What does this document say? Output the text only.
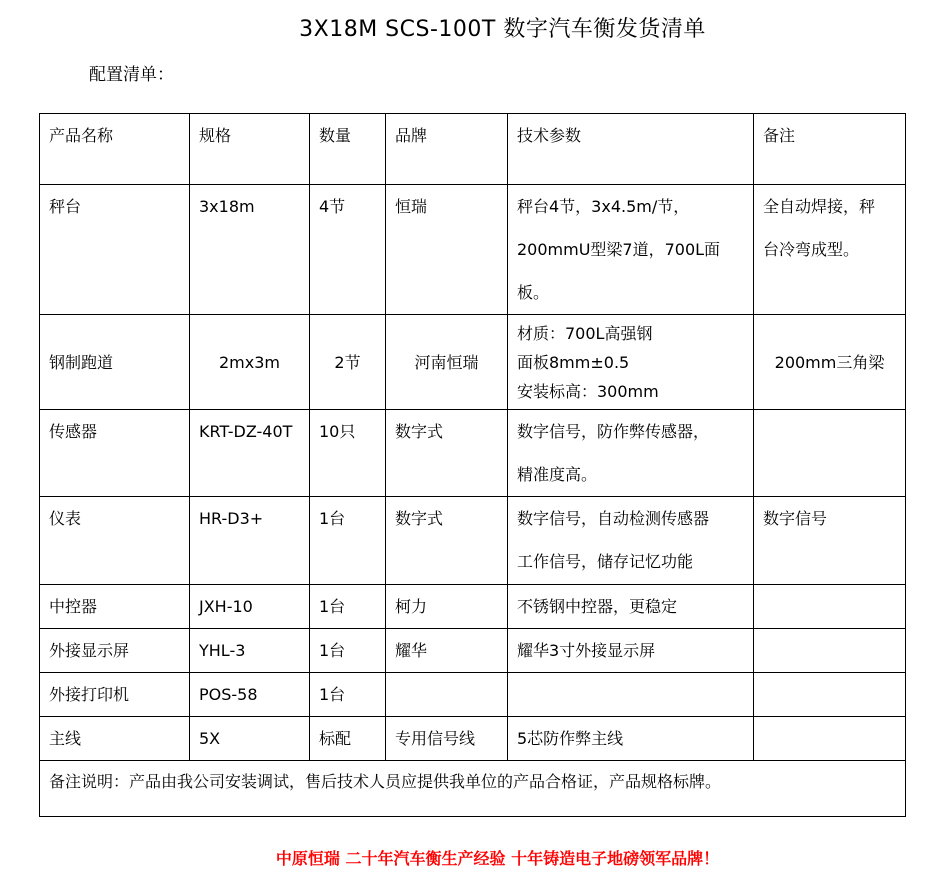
3X18M SCS-100T 数字汽车衡发货清单
配置清单：
产品名称	规格	数量	品牌	技术参数	备注
秤台	3x18m	4节	恒瑞	秤台4节，3x4.5m/节，
200mmU型梁7道，700L面
板。	全自动焊接，秤
台冷弯成型。

钢制跑道	2mx3m	2节	河南恒瑞	材质：700L高强钢
面板8mm±0.5
安装标高：300mm	200mm三角梁
传感器	KRT-DZ-40T	10只	数字式	数字信号，防作弊传感器，
精准度高。	

仪表	HR-D3+	1台	数字式	数字信号，自动检测传感器
工作信号，储存记忆功能	数字信号
中控器	JXH-10	1台	柯力	不锈钢中控器，更稳定	
外接显示屏	YHL-3	1台	耀华	耀华3寸外接显示屏	
外接打印机	POS-58	1台			
主线	5X	标配	专用信号线	5芯防作弊主线	
备注说明：产品由我公司安装调试，售后技术人员应提供我单位的产品合格证，产品规格标牌。					
中原恒瑞 二十年汽车衡生产经验 十年铸造电子地磅领军品牌！
